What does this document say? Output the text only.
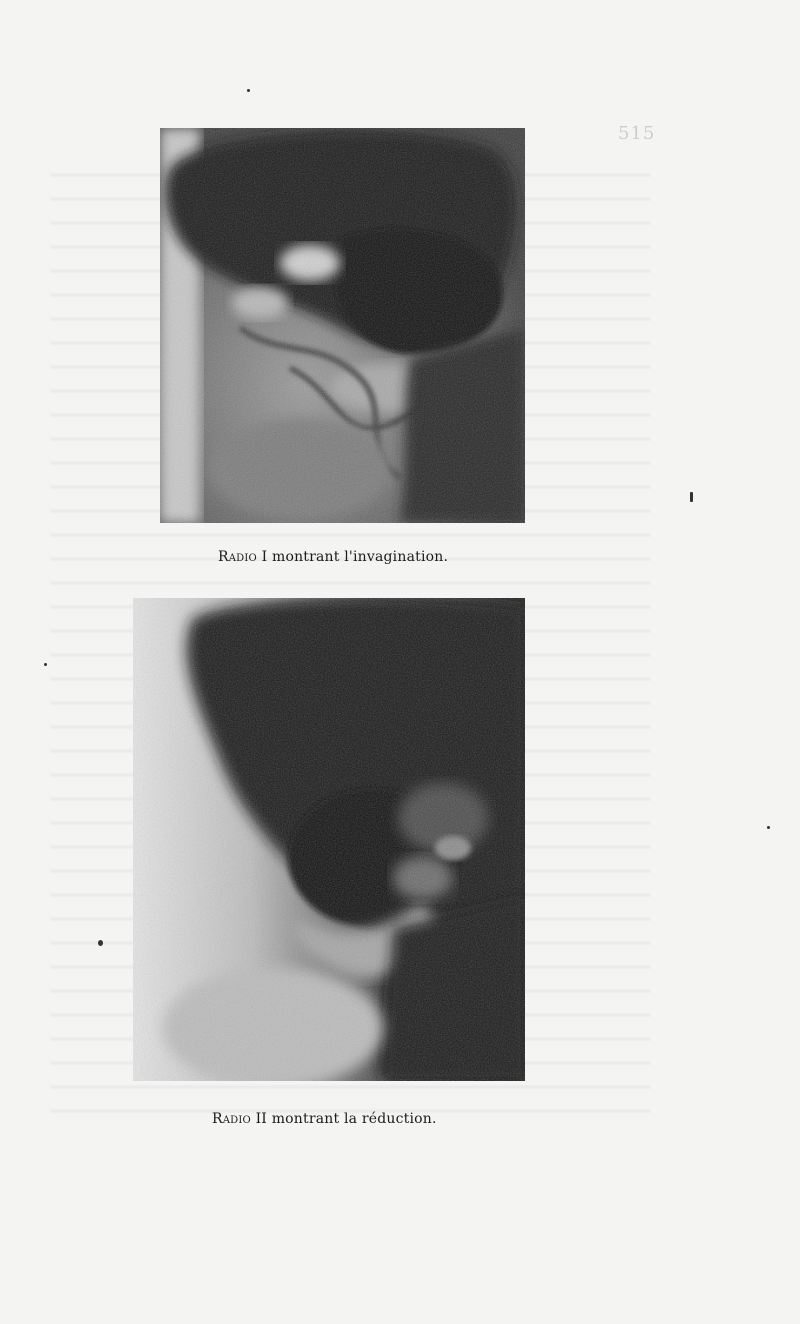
515
Radio I montrant l'invagination.
Radio II montrant la réduction.
